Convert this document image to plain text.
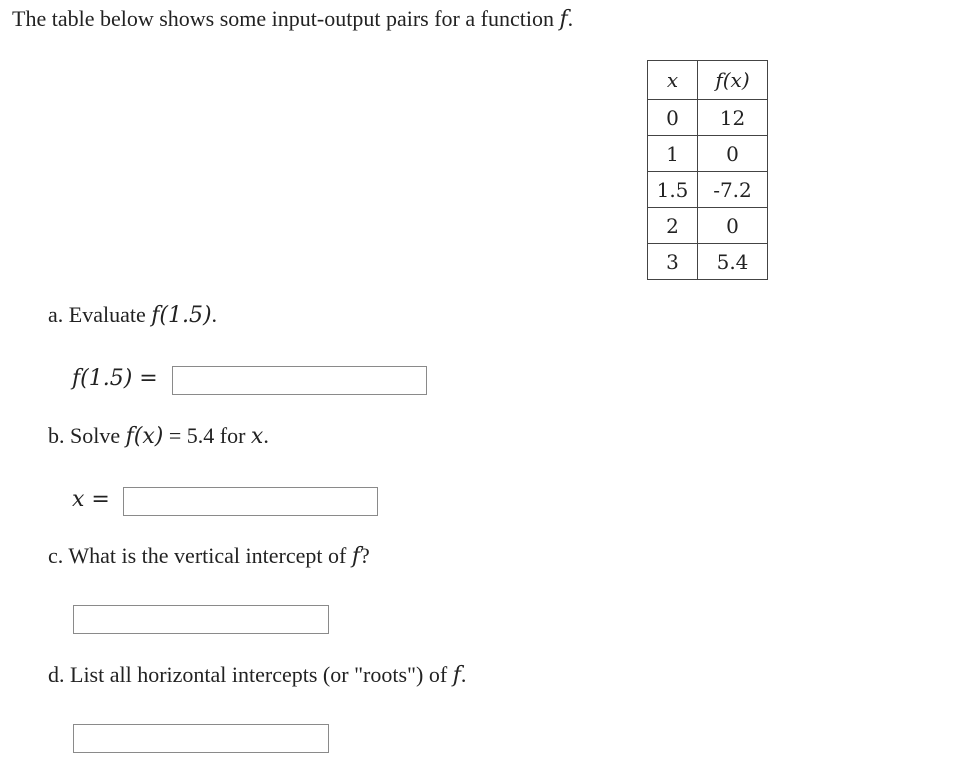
The table below shows some input-output pairs for a function f.
x	f(x)
0	12
1	0
1.5	-7.2
2	0
3	5.4
a. Evaluate f(1.5).
f(1.5) =
b. Solve f(x) = 5.4 for x.
x =
c. What is the vertical intercept of f?
d. List all horizontal intercepts (or "roots") of f.
